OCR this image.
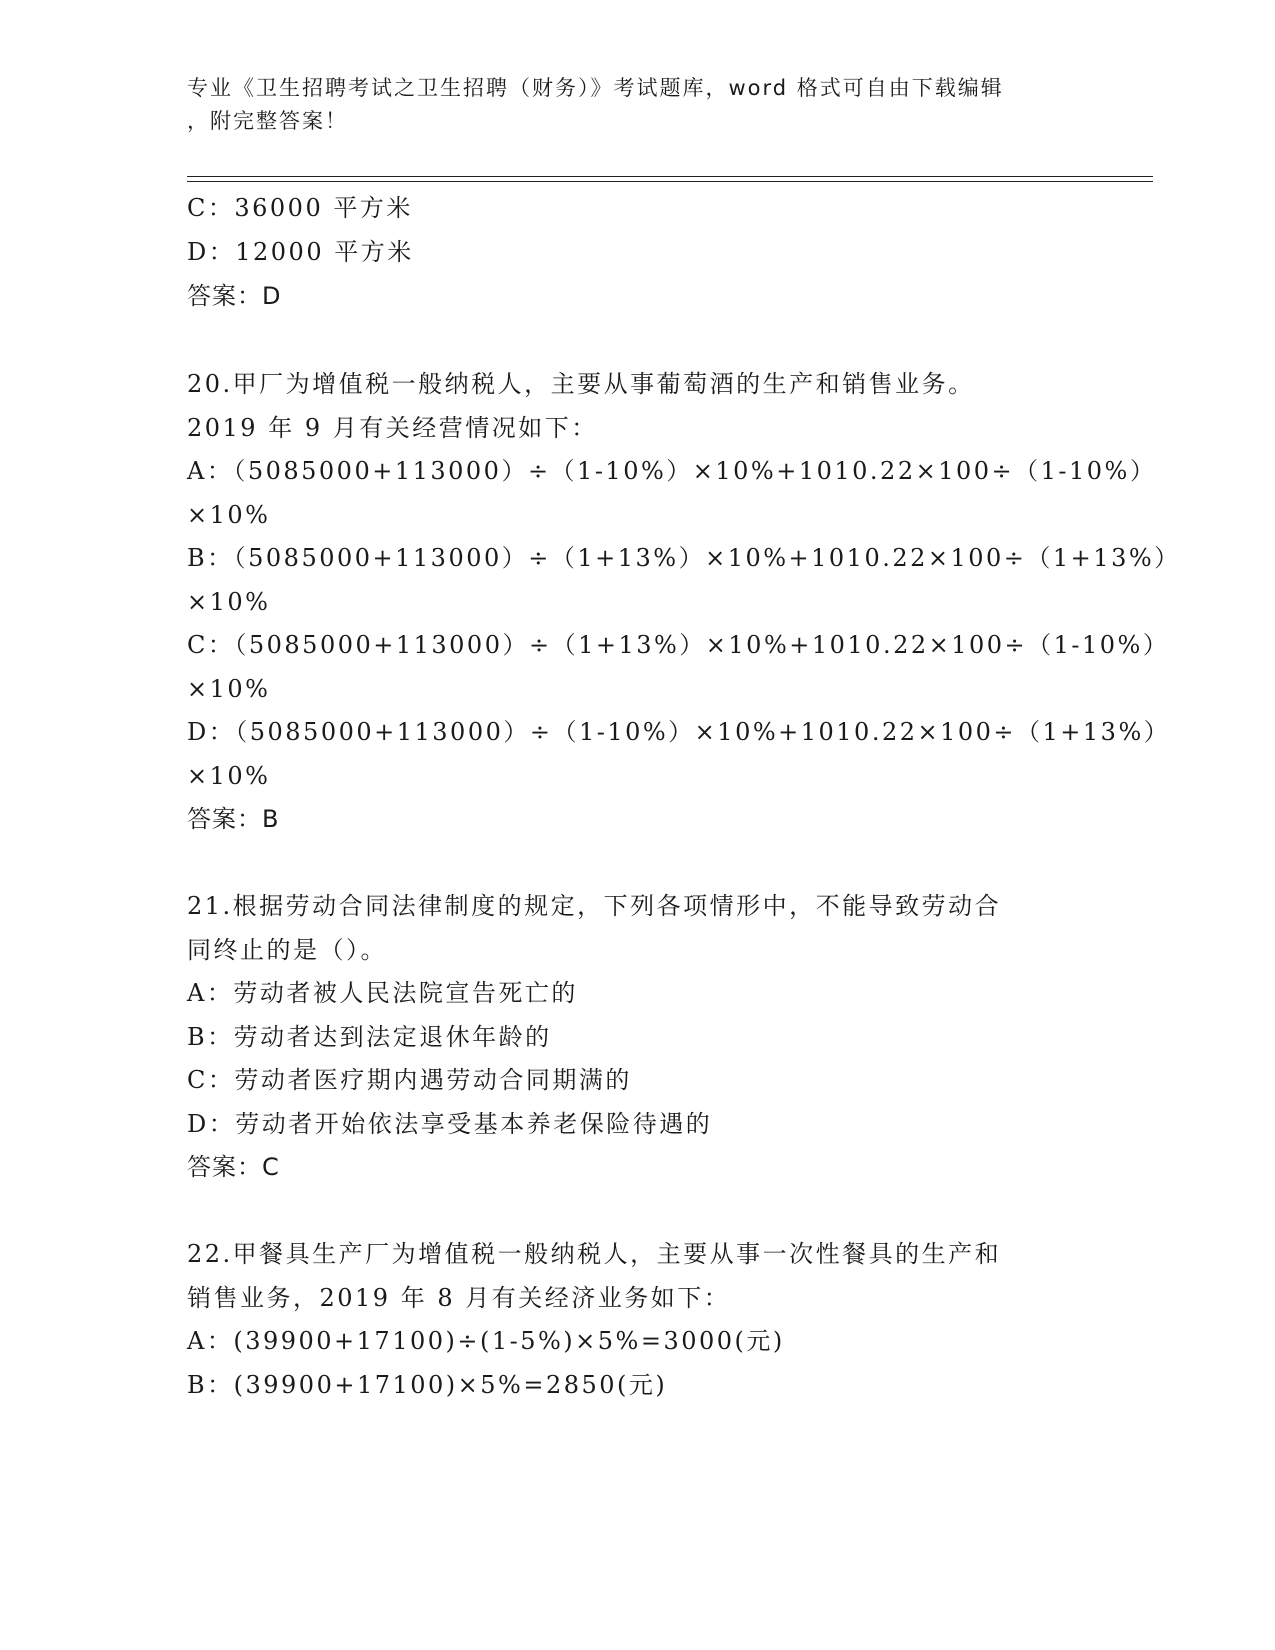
专业《卫生招聘考试之卫生招聘（财务）》考试题库，word 格式可自由下载编辑
，附完整答案！
C：36000 平方米
D：12000 平方米
答案：D
20.甲厂为增值税一般纳税人，主要从事葡萄酒的生产和销售业务。
2019 年 9 月有关经营情况如下：
A：（5085000+113000）÷（1-10%）×10%+1010.22×100÷（1-10%）
×10%
B：（5085000+113000）÷（1+13%）×10%+1010.22×100÷（1+13%）
×10%
C：（5085000+113000）÷（1+13%）×10%+1010.22×100÷（1-10%）
×10%
D：（5085000+113000）÷（1-10%）×10%+1010.22×100÷（1+13%）
×10%
答案：B
21.根据劳动合同法律制度的规定，下列各项情形中，不能导致劳动合
同终止的是（）。
A：劳动者被人民法院宣告死亡的
B：劳动者达到法定退休年龄的
C：劳动者医疗期内遇劳动合同期满的
D：劳动者开始依法享受基本养老保险待遇的
答案：C
22.甲餐具生产厂为增值税一般纳税人，主要从事一次性餐具的生产和
销售业务，2019 年 8 月有关经济业务如下：
A：(39900+17100)÷(1-5%)×5%=3000(元)
B：(39900+17100)×5%=2850(元)
